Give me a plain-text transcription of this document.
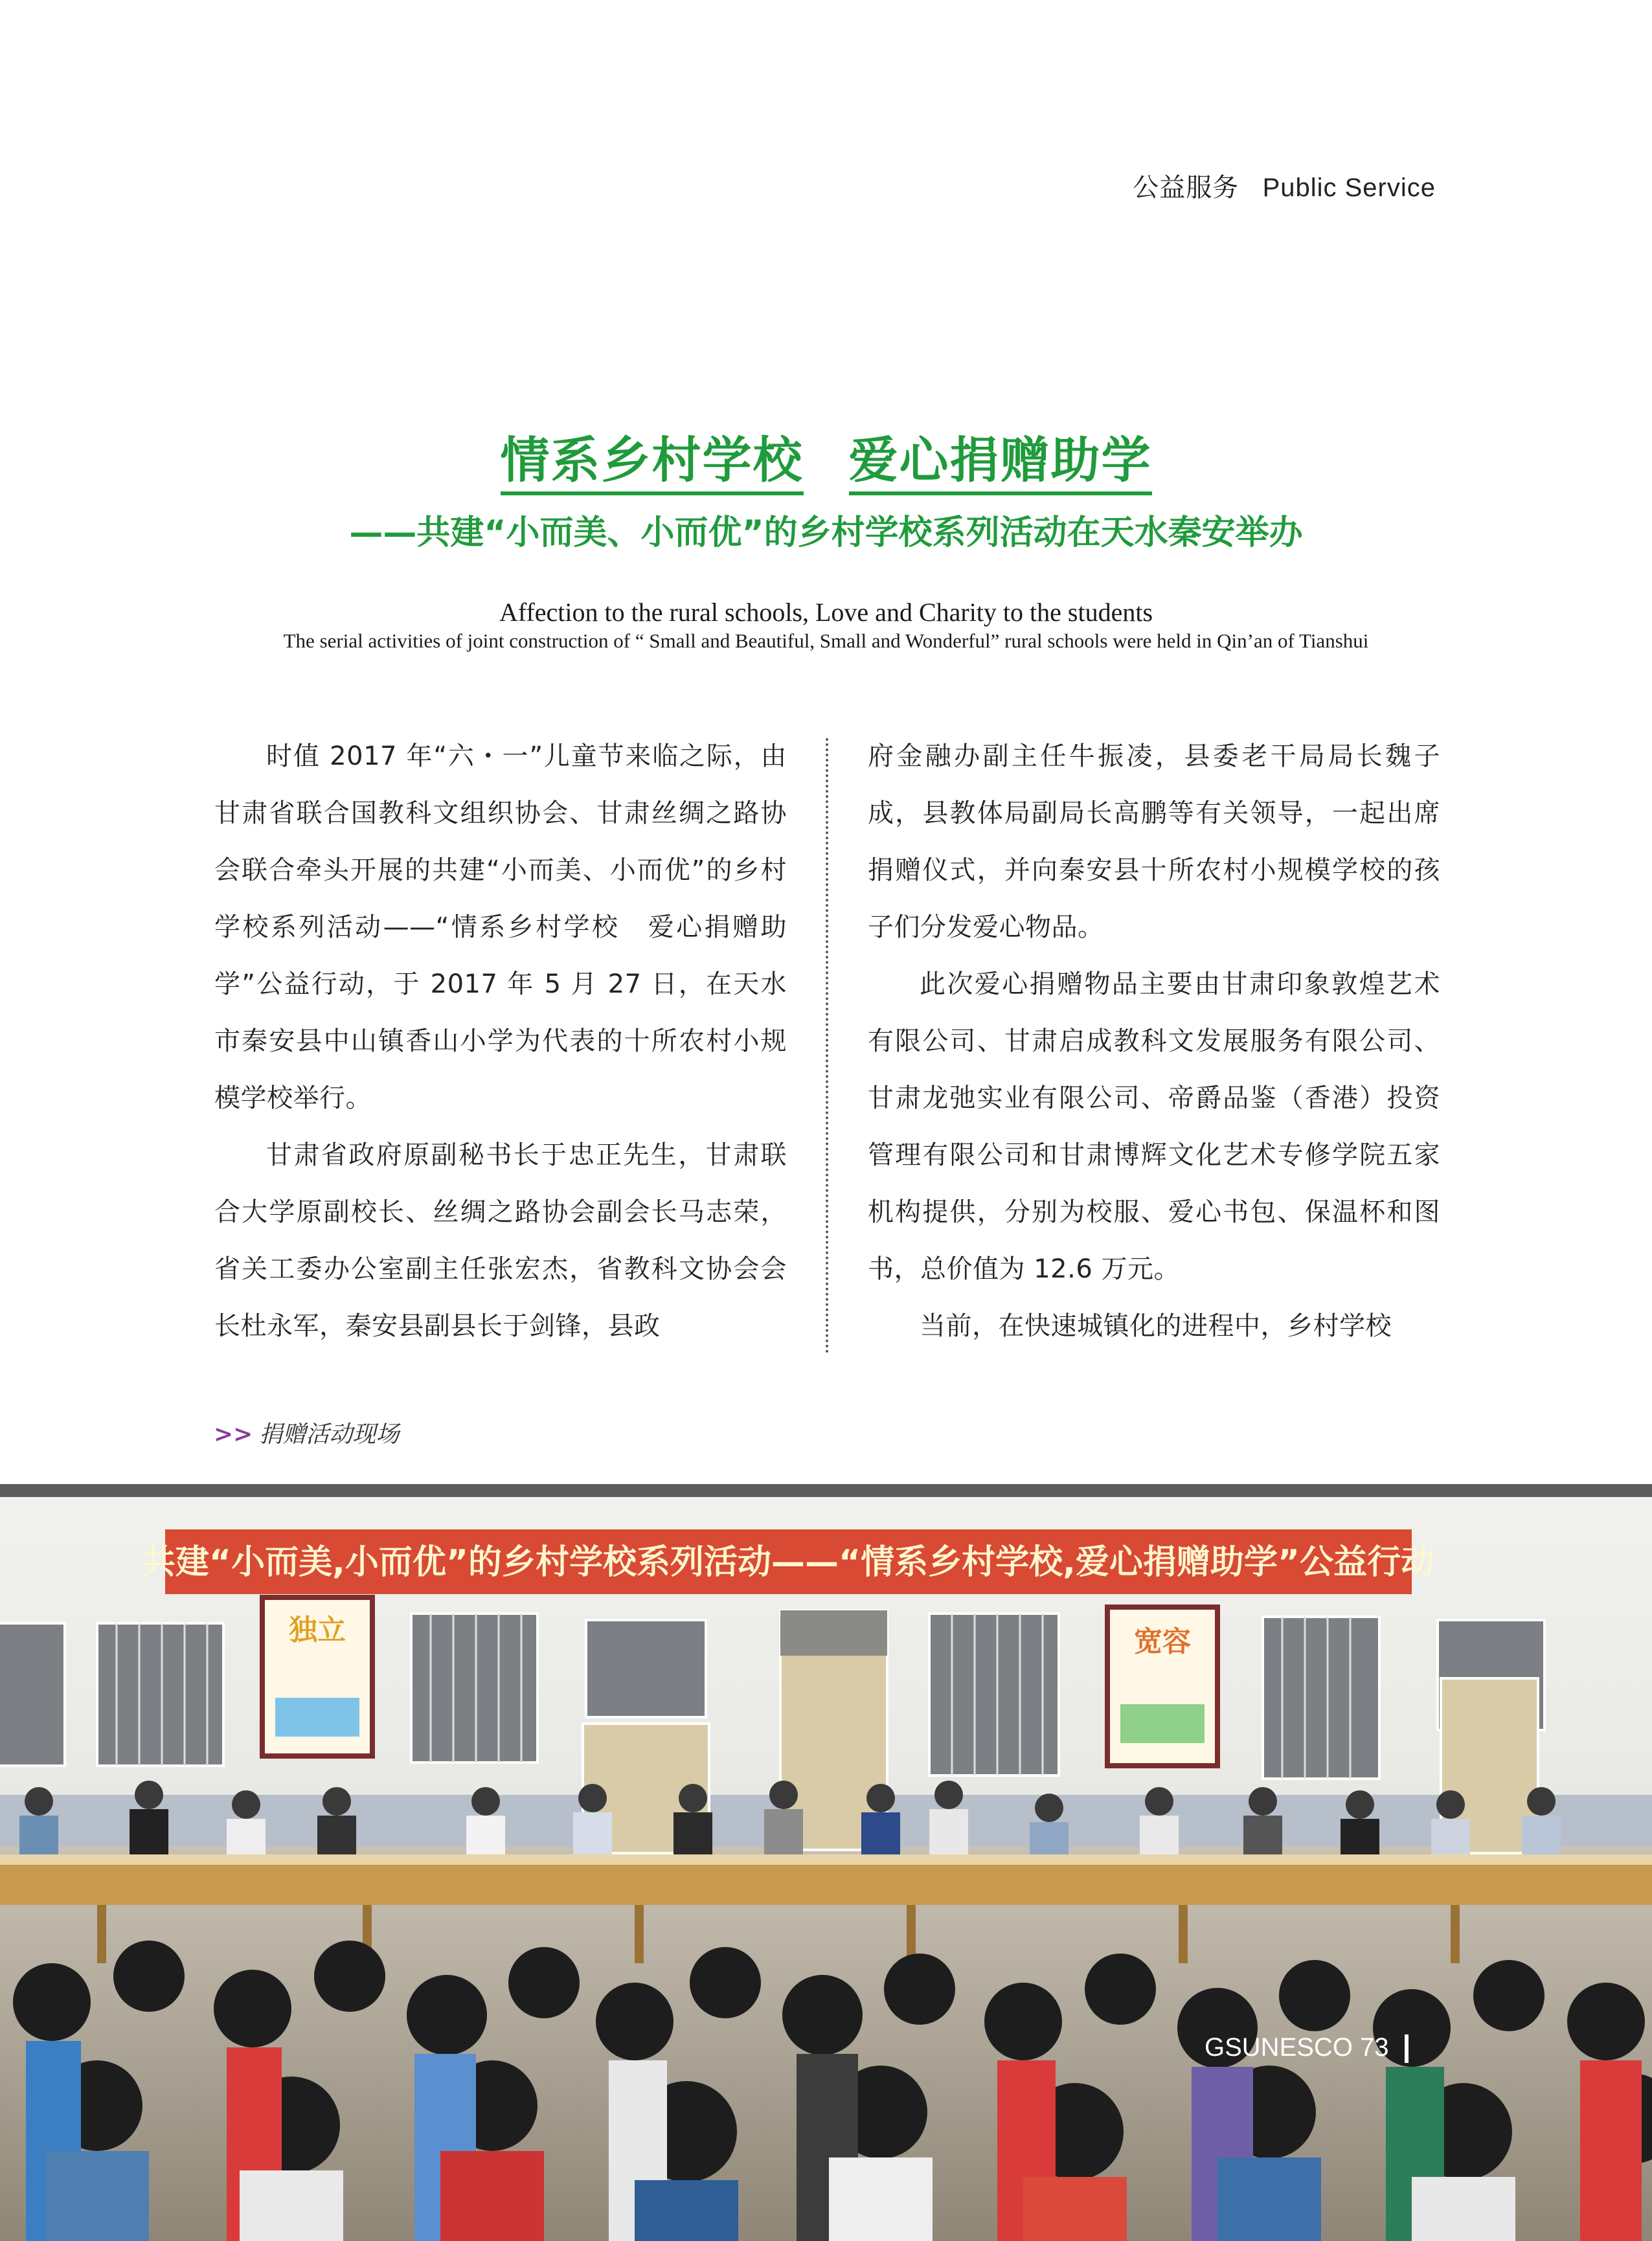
公益服务 Public Service
情系乡村学校 爱心捐赠助学
——共建“小而美、小而优”的乡村学校系列活动在天水秦安举办
Affection to the rural schools, Love and Charity to the students
The serial activities of joint construction of “ Small and Beautiful, Small and Wonderful” rural schools were held in Qin’an of Tianshui

时值 2017 年“六・一”儿童节来临之际，由甘肃省联合国教科文组织协会、甘肃丝绸之路协会联合牵头开展的共建“小而美、小而优”的乡村学校系列活动——“情系乡村学校　爱心捐赠助学”公益行动，于 2017 年 5 月 27 日，在天水市秦安县中山镇香山小学为代表的十所农村小规模学校举行。

甘肃省政府原副秘书长于忠正先生，甘肃联合大学原副校长、丝绸之路协会副会长马志荣，省关工委办公室副主任张宏杰，省教科文协会会长杜永军，秦安县副县长于剑锋，县政

府金融办副主任牛振凌，县委老干局局长魏子成，县教体局副局长高鹏等有关领导，一起出席捐赠仪式，并向秦安县十所农村小规模学校的孩子们分发爱心物品。

此次爱心捐赠物品主要由甘肃印象敦煌艺术有限公司、甘肃启成教科文发展服务有限公司、甘肃龙弛实业有限公司、帝爵品鉴（香港）投资管理有限公司和甘肃博辉文化艺术专修学院五家机构提供，分别为校服、爱心书包、保温杯和图书，总价值为 12.6 万元。

当前，在快速城镇化的进程中，乡村学校

>> 捐赠活动现场
共建“小而美,小而优”的乡村学校系列活动——“情系乡村学校,爱心捐赠助学”公益行动
独立	宽容
GSUNESCO 73
